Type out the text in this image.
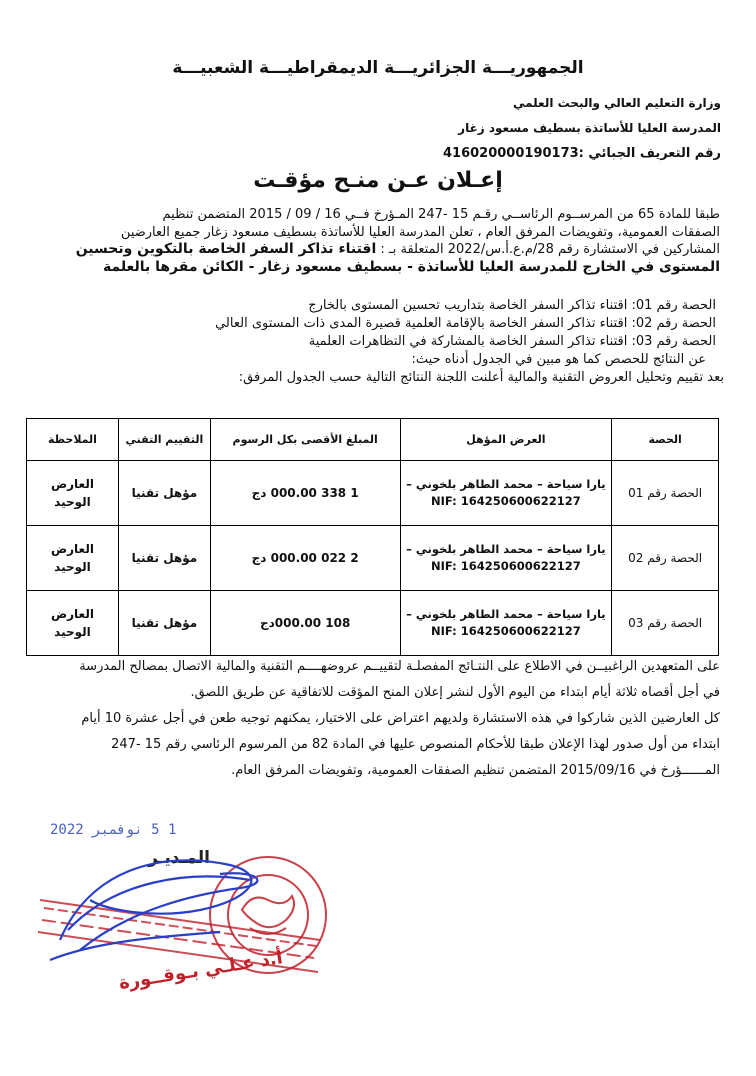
الجمهوريـــة الجزائريـــة الديمقراطيـــة الشعبيـــة
وزارة التعليم العالي والبحث العلمي
المدرسة العليا للأساتذة بسطيف مسعود زغار
رقم التعريف الجبائي :416020000190173
إعـلان عـن منـح مؤقـت
طبقا للمادة 65 من المرســوم الرئاســي رقـم 15 -247 المـؤرخ فــي 16 / 09 / 2015 المتضمن تنظيم
الصفقات العمومية، وتفويضات المرفق العام ، تعلن المدرسة العليا للأساتذة بسطيف مسعود زغار جميع العارضين
المشاركين في الاستشارة رقم 28/م.ع.أ.س/2022 المتعلقة بـ : اقتناء تذاكر السفر الخاصة بالتكوين وتحسين
المستوى في الخارج للمدرسة العليا للأساتذة - بسطيف مسعود زغار - الكائن مقرها بالعلمة
الحصة رقم 01: اقتناء تذاكر السفر الخاصة بتداريب تحسين المستوى بالخارج
الحصة رقم 02: اقتناء تذاكر السفر الخاصة بالإقامة العلمية قصيرة المدى ذات المستوى العالي
الحصة رقم 03: اقتناء تذاكر السفر الخاصة بالمشاركة في التظاهرات العلمية
عن النتائج للحصص كما هو مبين في الجدول أدناه حيث:
بعد تقييم وتحليل العروض التقنية والمالية أعلنت اللجنة النتائج التالية حسب الجدول المرفق:
الحصة	العرض المؤهل	المبلغ الأقصى بكل الرسوم	التقييم التقني	الملاحظة
الحصة رقم 01	يارا سياحة – محمد الطاهر بلخوني –
NIF: 164250600622127	1 338 000.00 دج	مؤهل تقنيا	العارض الوحيد
الحصة رقم 02	يارا سياحة – محمد الطاهر بلخوني –
NIF: 164250600622127	2 022 000.00 دج	مؤهل تقنيا	العارض الوحيد
الحصة رقم 03	يارا سياحة – محمد الطاهر بلخوني –
NIF: 164250600622127	108 000.00دج	مؤهل تقنيا	العارض الوحيد
على المتعهدين الراغبيــن في الاطلاع على النتـائج المفصلـة لتقييــم عروضهــــم التقنية والمالية الاتصال بمصالح المدرسة
في أجل أقصاه ثلاثة أيام ابتداء من اليوم الأول لنشر إعلان المنح المؤقت للاتفاقية عن طريق اللصق.
كل العارضين الذين شاركوا في هذه الاستشارة ولديهم اعتراض على الاختيار، يمكنهم توجيه طعن في أجل عشرة 10 أيام
ابتداء من أول صدور لهذا الإعلان طبقا للأحكام المنصوص عليها في المادة 82 من المرسوم الرئاسي رقم 15 -247
المــــــؤرخ في 2015/09/16 المتضمن تنظيم الصفقات العمومية، وتفويضات المرفق العام.
1 5 نوفمبر 2022
المـديـر
أ.د عـلـي بـوقــورة
